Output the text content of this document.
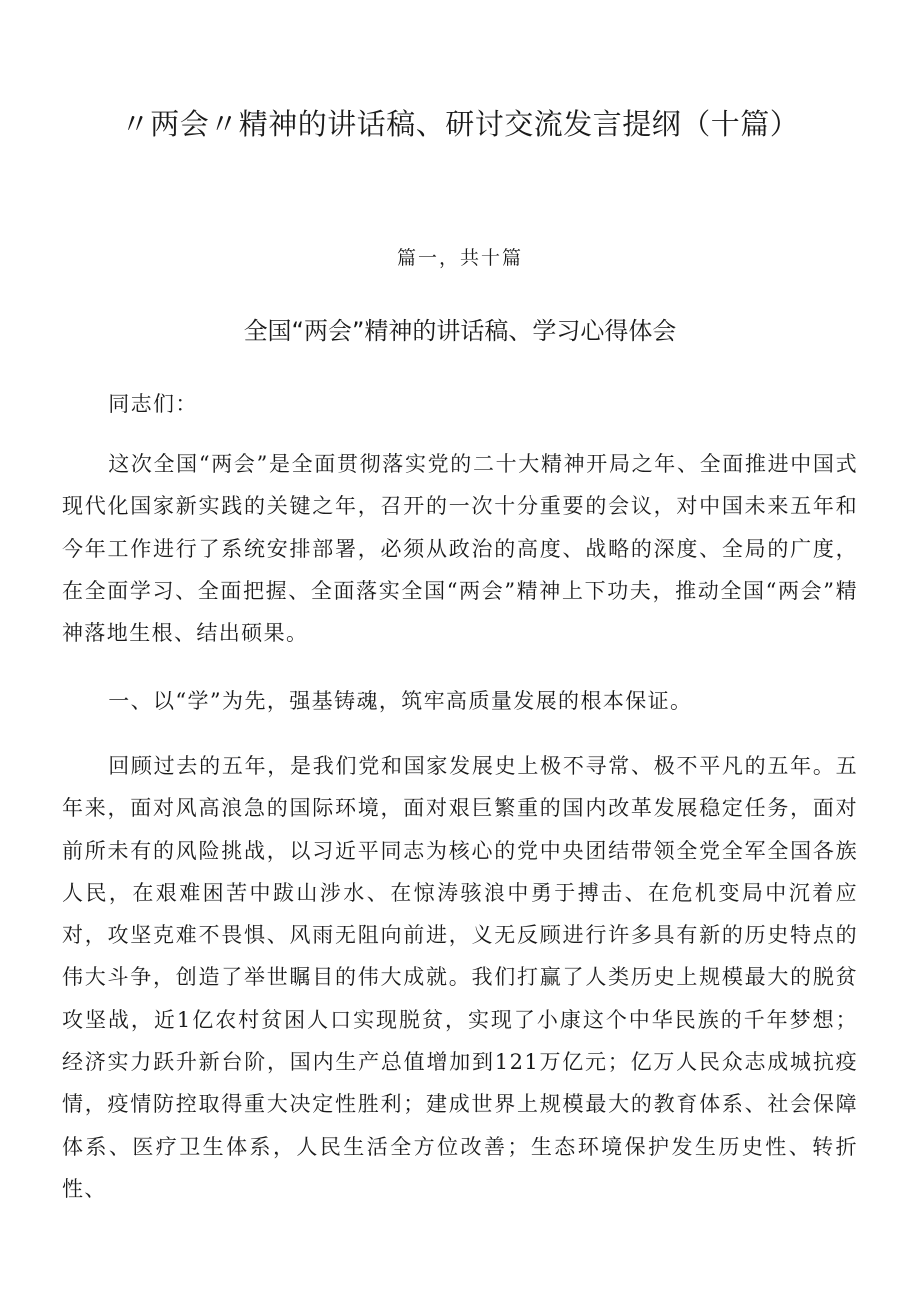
〃两会〃精神的讲话稿、研讨交流发言提纲（十篇）
篇一，共十篇
全国“两会”精神的讲话稿、学习心得体会

同志们：

这次全国“两会”是全面贯彻落实党的二十大精神开局之年、全面推进中国式现代化国家新实践的关键之年，召开的一次十分重要的会议，对中国未来五年和今年工作进行了系统安排部署，必须从政治的高度、战略的深度、全局的广度，在全面学习、全面把握、全面落实全国“两会”精神上下功夫，推动全国“两会”精神落地生根、结出硕果。

一、以“学”为先，强基铸魂，筑牢高质量发展的根本保证。

回顾过去的五年，是我们党和国家发展史上极不寻常、极不平凡的五年。五年来，面对风高浪急的国际环境，面对艰巨繁重的国内改革发展稳定任务，面对前所未有的风险挑战，以习近平同志为核心的党中央团结带领全党全军全国各族人民，在艰难困苦中跋山涉水、在惊涛骇浪中勇于搏击、在危机变局中沉着应对，攻坚克难不畏惧、风雨无阻向前进，义无反顾进行许多具有新的历史特点的伟大斗争，创造了举世瞩目的伟大成就。我们打赢了人类历史上规模最大的脱贫攻坚战，近1亿农村贫困人口实现脱贫，实现了小康这个中华民族的千年梦想；经济实力跃升新台阶，国内生产总值增加到121万亿元；亿万人民众志成城抗疫情，疫情防控取得重大决定性胜利；建成世界上规模最大的教育体系、社会保障体系、医疗卫生体系，人民生活全方位改善；生态环境保护发生历史性、转折性、
